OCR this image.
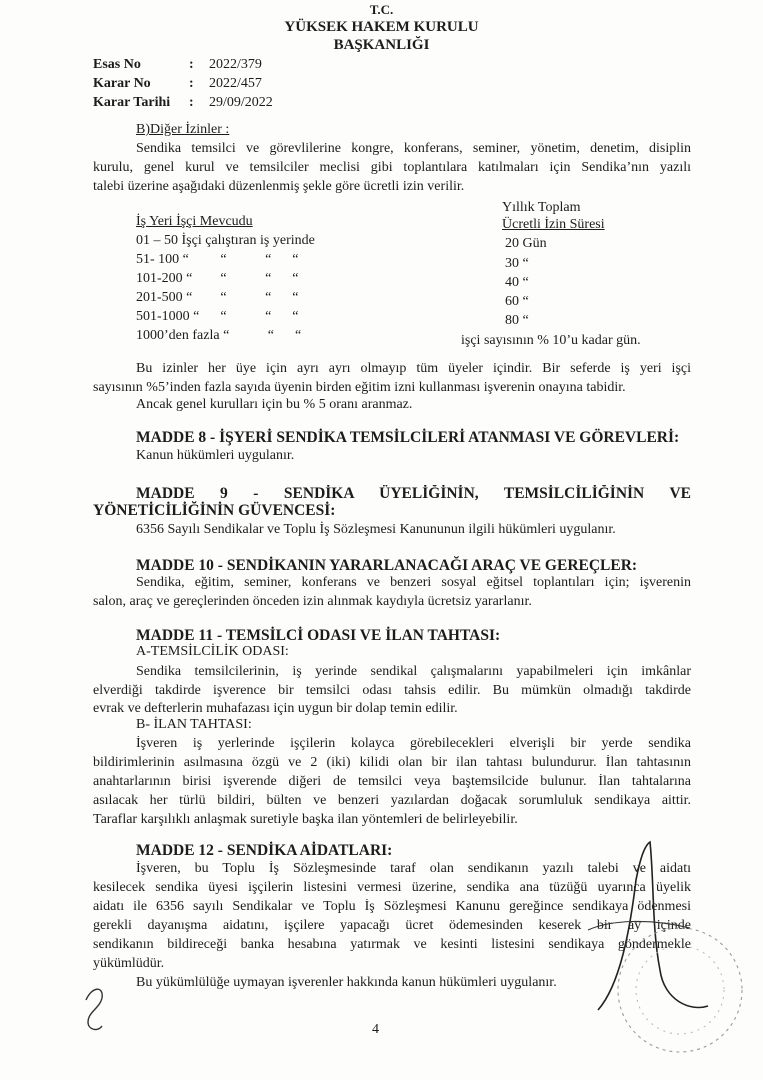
T.C.
YÜKSEK HAKEM KURULU
BAŞKANLIĞI
Esas No	:	2022/379
Karar No	:	2022/457
Karar Tarihi	:	29/09/2022
B)Diğer İzinler :
Sendika temsilci ve görevlilerine kongre, konferans, seminer, yönetim, denetim, disiplin
kurulu, genel kurul ve temsilciler meclisi gibi toplantılara katılmaları için Sendika’nın yazılı
talebi üzerine aşağıdaki düzenlenmiş şekle göre ücretli izin verilir.
Yıllık Toplam
İş Yeri İşçi Mevcudu	Ücretli İzin Süresi
01 – 50 İşçi çalıştıran iş yerinde	20 Gün
51- 100 “         “           “      “	30 “
101-200 “        “           “      “	40 “
201-500 “        “           “      “	60 “
501-1000 “      “           “      “	80 “
1000’den fazla “           “      “	işçi sayısının % 10’u kadar gün.
Bu izinler her üye için ayrı ayrı olmayıp tüm üyeler içindir. Bir seferde iş yeri işçi
sayısının %5’inden fazla sayıda üyenin birden eğitim izni kullanması işverenin onayına tabidir.
Ancak genel kurulları için bu % 5 oranı aranmaz.
MADDE 8 - İŞYERİ SENDİKA TEMSİLCİLERİ ATANMASI VE GÖREVLERİ:
Kanun hükümleri uygulanır.
MADDE 9 - SENDİKA ÜYELİĞİNİN, TEMSİLCİLİĞİNİN VE
YÖNETİCİLİĞİNİN GÜVENCESİ:
6356 Sayılı Sendikalar ve Toplu İş Sözleşmesi Kanununun ilgili hükümleri uygulanır.
MADDE 10 - SENDİKANIN YARARLANACAĞI ARAÇ VE GEREÇLER:
Sendika, eğitim, seminer, konferans ve benzeri sosyal eğitsel toplantıları için; işverenin
salon, araç ve gereçlerinden önceden izin alınmak kaydıyla ücretsiz yararlanır.
MADDE 11 - TEMSİLCİ ODASI VE İLAN TAHTASI:
A-TEMSİLCİLİK ODASI:
Sendika temsilcilerinin, iş yerinde sendikal çalışmalarını yapabilmeleri için imkânlar
elverdiği takdirde işverence bir temsilci odası tahsis edilir. Bu mümkün olmadığı takdirde
evrak ve defterlerin muhafazası için uygun bir dolap temin edilir.
B- İLAN TAHTASI:
İşveren iş yerlerinde işçilerin kolayca görebilecekleri elverişli bir yerde sendika
bildirimlerinin asılmasına özgü ve 2 (iki) kilidi olan bir ilan tahtası bulundurur. İlan tahtasının
anahtarlarının birisi işverende diğeri de temsilci veya baştemsilcide bulunur. İlan tahtalarına
asılacak her türlü bildiri, bülten ve benzeri yazılardan doğacak sorumluluk sendikaya aittir.
Taraflar karşılıklı anlaşmak suretiyle başka ilan yöntemleri de belirleyebilir.
MADDE 12 - SENDİKA AİDATLARI:
İşveren, bu Toplu İş Sözleşmesinde taraf olan sendikanın yazılı talebi ve aidatı
kesilecek sendika üyesi işçilerin listesini vermesi üzerine, sendika ana tüzüğü uyarınca üyelik
aidatı ile 6356 sayılı Sendikalar ve Toplu İş Sözleşmesi Kanunu gereğince sendikaya ödenmesi
gerekli dayanışma aidatını, işçilere yapacağı ücret ödemesinden keserek bir ay içinde
sendikanın bildireceği banka hesabına yatırmak ve kesinti listesini sendikaya göndermekle
yükümlüdür.
Bu yükümlülüğe uymayan işverenler hakkında kanun hükümleri uygulanır.
4
